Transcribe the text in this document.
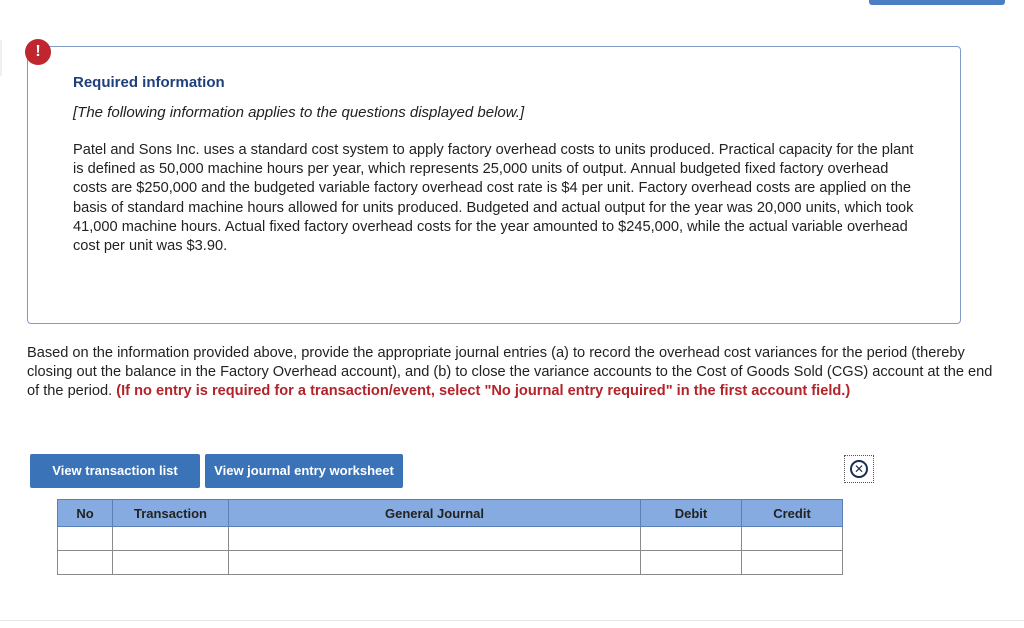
Required information
[The following information applies to the questions displayed below.]
Patel and Sons Inc. uses a standard cost system to apply factory overhead costs to units produced. Practical capacity for the plant is defined as 50,000 machine hours per year, which represents 25,000 units of output. Annual budgeted fixed factory overhead costs are $250,000 and the budgeted variable factory overhead cost rate is $4 per unit. Factory overhead costs are applied on the basis of standard machine hours allowed for units produced. Budgeted and actual output for the year was 20,000 units, which took 41,000 machine hours. Actual fixed factory overhead costs for the year amounted to $245,000, while the actual variable overhead cost per unit was $3.90.
!
Based on the information provided above, provide the appropriate journal entries (a) to record the overhead cost variances for the period (thereby closing out the balance in the Factory Overhead account), and (b) to close the variance accounts to the Cost of Goods Sold (CGS) account at the end of the period. (If no entry is required for a transaction/event, select "No journal entry required" in the first account field.)
View transaction list	View journal entry worksheet	✕
No	Transaction	General Journal	Debit	Credit
